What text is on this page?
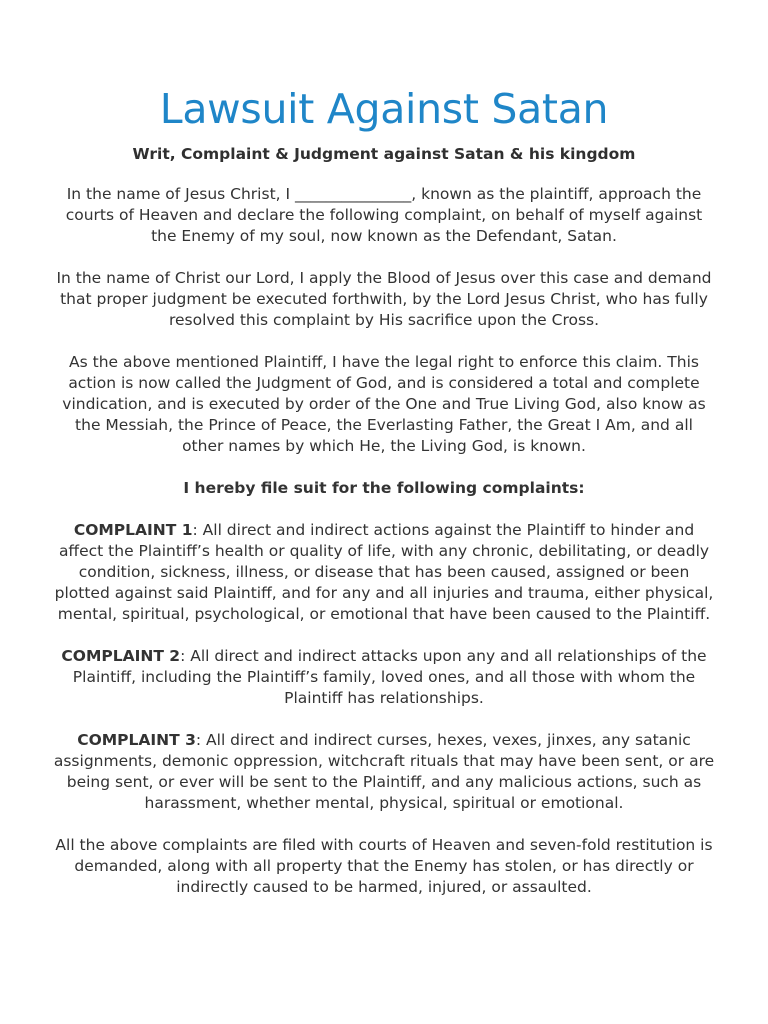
Lawsuit Against Satan
Writ, Complaint & Judgment against Satan & his kingdom

In the name of Jesus Christ, I _______________, known as the plaintiff, approach the courts of Heaven and declare the following complaint, on behalf of myself against the Enemy of my soul, now known as the Defendant, Satan.

In the name of Christ our Lord, I apply the Blood of Jesus over this case and demand that proper judgment be executed forthwith, by the Lord Jesus Christ, who has fully resolved this complaint by His sacrifice upon the Cross.

As the above mentioned Plaintiff, I have the legal right to enforce this claim. This action is now called the Judgment of God, and is considered a total and complete vindication, and is executed by order of the One and True Living God, also know as the Messiah, the Prince of Peace, the Everlasting Father, the Great I Am, and all other names by which He, the Living God, is known.

I hereby file suit for the following complaints:

COMPLAINT 1: All direct and indirect actions against the Plaintiff to hinder and affect the Plaintiff’s health or quality of life, with any chronic, debilitating, or deadly condition, sickness, illness, or disease that has been caused, assigned or been plotted against said Plaintiff, and for any and all injuries and trauma, either physical, mental, spiritual, psychological, or emotional that have been caused to the Plaintiff.

COMPLAINT 2: All direct and indirect attacks upon any and all relationships of the Plaintiff, including the Plaintiff’s family, loved ones, and all those with whom the Plaintiff has relationships.

COMPLAINT 3: All direct and indirect curses, hexes, vexes, jinxes, any satanic assignments, demonic oppression, witchcraft rituals that may have been sent, or are being sent, or ever will be sent to the Plaintiff, and any malicious actions, such as harassment, whether mental, physical, spiritual or emotional.

All the above complaints are filed with courts of Heaven and seven-fold restitution is demanded, along with all property that the Enemy has stolen, or has directly or indirectly caused to be harmed, injured, or assaulted.
